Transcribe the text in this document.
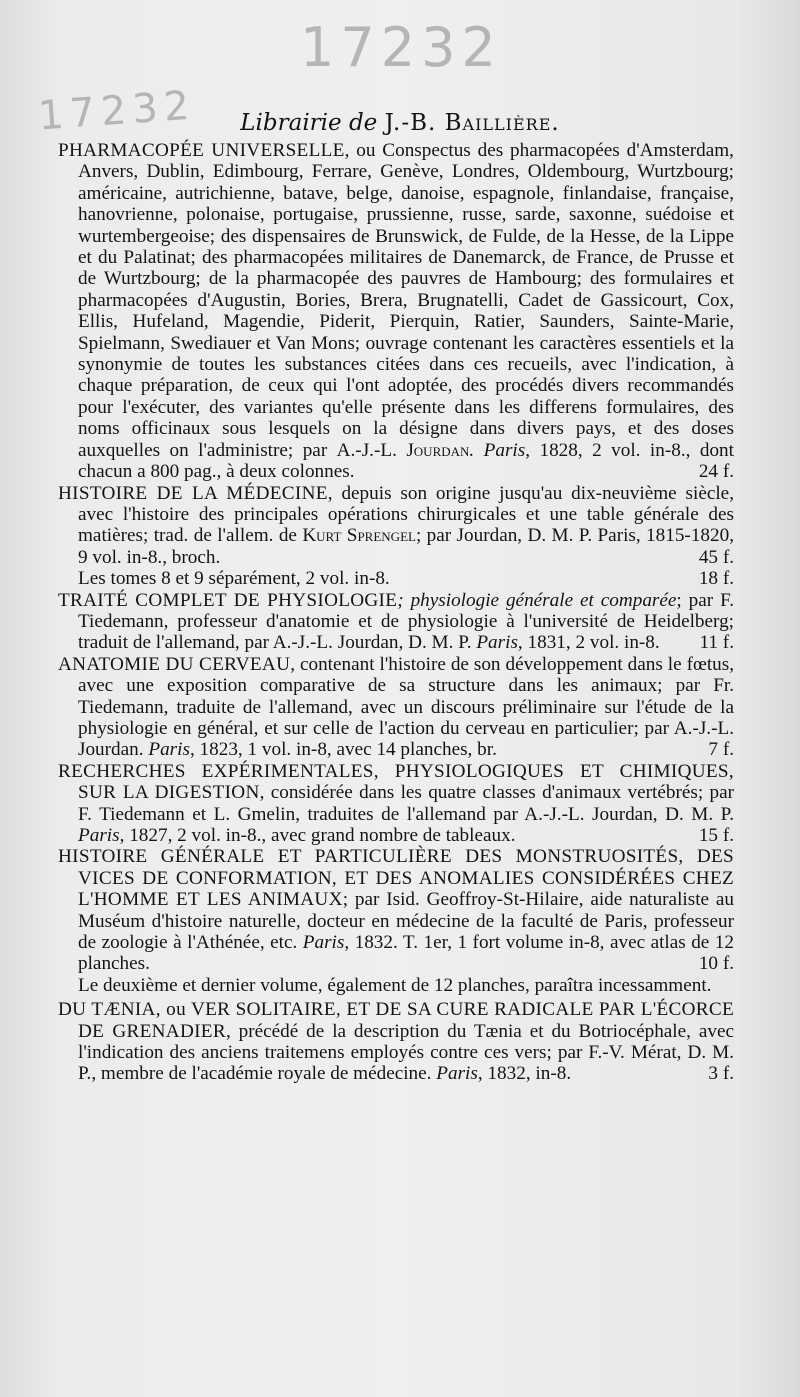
17232
17232	Librairie de J.-B. Baillière.

PHARMACOPÉE UNIVERSELLE, ou Conspectus des pharmacopées d'Amsterdam, Anvers, Dublin, Edimbourg, Ferrare, Genève, Londres, Oldembourg, Wurtzbourg; américaine, autrichienne, batave, belge, danoise, espagnole, finlandaise, française, hanovrienne, polonaise, portugaise, prussienne, russe, sarde, saxonne, suédoise et wurtembergeoise; des dispensaires de Brunswick, de Fulde, de la Hesse, de la Lippe et du Palatinat; des pharmacopées militaires de Danemarck, de France, de Prusse et de Wurtzbourg; de la pharmacopée des pauvres de Hambourg; des formulaires et pharmacopées d'Augustin, Bories, Brera, Brugnatelli, Cadet de Gassicourt, Cox, Ellis, Hufeland, Magendie, Piderit, Pierquin, Ratier, Saunders, Sainte-Marie, Spielmann, Swediauer et Van Mons; ouvrage contenant les caractères essentiels et la synonymie de toutes les substances citées dans ces recueils, avec l'indication, à chaque préparation, de ceux qui l'ont adoptée, des procédés divers recommandés pour l'exécuter, des variantes qu'elle présente dans les differens formulaires, des noms officinaux sous lesquels on la désigne dans divers pays, et des doses auxquelles on l'administre; par A.-J.-L. Jourdan. Paris, 1828, 2 vol. in-8., dont chacun a 800 pag., à deux colonnes.	24 f.

HISTOIRE DE LA MÉDECINE, depuis son origine jusqu'au dix-neuvième siècle, avec l'histoire des principales opérations chirurgicales et une table générale des matières; trad. de l'allem. de Kurt Sprengel; par Jourdan, D. M. P. Paris, 1815-1820, 9 vol. in-8., broch.	45 f.

Les tomes 8 et 9 séparément, 2 vol. in-8.	18 f.

TRAITÉ COMPLET DE PHYSIOLOGIE; physiologie générale et comparée; par F. Tiedemann, professeur d'anatomie et de physiologie à l'université de Heidelberg; traduit de l'allemand, par A.-J.-L. Jourdan, D. M. P. Paris, 1831, 2 vol. in-8. 11 f.

ANATOMIE DU CERVEAU, contenant l'histoire de son développement dans le fœtus, avec une exposition comparative de sa structure dans les animaux; par Fr. Tiedemann, traduite de l'allemand, avec un discours préliminaire sur l'étude de la physiologie en général, et sur celle de l'action du cerveau en particulier; par A.-J.-L. Jourdan. Paris, 1823, 1 vol. in-8, avec 14 planches, br.	7 f.

RECHERCHES EXPÉRIMENTALES, PHYSIOLOGIQUES ET CHIMIQUES, SUR LA DIGESTION, considérée dans les quatre classes d'animaux vertébrés; par F. Tiedemann et L. Gmelin, traduites de l'allemand par A.-J.-L. Jourdan, D. M. P. Paris, 1827, 2 vol. in-8., avec grand nombre de tableaux.	15 f.

HISTOIRE GÉNÉRALE ET PARTICULIÈRE DES MONSTRUOSITÉS, DES VICES DE CONFORMATION, ET DES ANOMALIES CONSIDÉRÉES CHEZ L'HOMME ET LES ANIMAUX; par Isid. Geoffroy-St-Hilaire, aide naturaliste au Muséum d'histoire naturelle, docteur en médecine de la faculté de Paris, professeur de zoologie à l'Athénée, etc. Paris, 1832. T. 1er, 1 fort volume in-8, avec atlas de 12 planches.	10 f.

Le deuxième et dernier volume, également de 12 planches, paraîtra incessamment.

DU TÆNIA, ou VER SOLITAIRE, ET DE SA CURE RADICALE PAR L'ÉCORCE DE GRENADIER, précédé de la description du Tænia et du Botriocéphale, avec l'indication des anciens traitemens employés contre ces vers; par F.-V. Mérat, D. M. P., membre de l'académie royale de médecine. Paris, 1832, in-8.	3 f.
